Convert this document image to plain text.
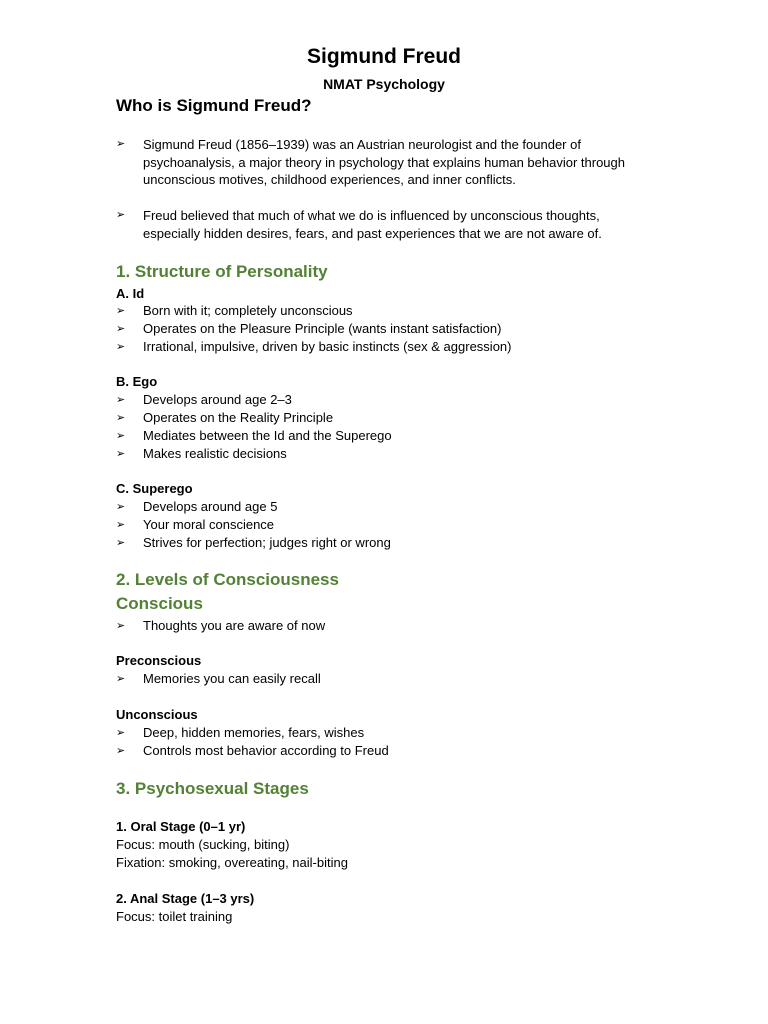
Sigmund Freud
NMAT Psychology
Who is Sigmund Freud?
➢ Sigmund Freud (1856–1939) was an Austrian neurologist and the founder of psychoanalysis, a major theory in psychology that explains human behavior through unconscious motives, childhood experiences, and inner conflicts.
➢ Freud believed that much of what we do is influenced by unconscious thoughts, especially hidden desires, fears, and past experiences that we are not aware of.
1. Structure of Personality
A. Id
➢	Born with it; completely unconscious
➢	Operates on the Pleasure Principle (wants instant satisfaction)
➢	Irrational, impulsive, driven by basic instincts (sex & aggression)
B. Ego
➢	Develops around age 2–3
➢	Operates on the Reality Principle
➢	Mediates between the Id and the Superego
➢	Makes realistic decisions
C. Superego
➢	Develops around age 5
➢	Your moral conscience
➢	Strives for perfection; judges right or wrong
2. Levels of Consciousness
Conscious
➢	Thoughts you are aware of now
Preconscious
➢	Memories you can easily recall
Unconscious
➢	Deep, hidden memories, fears, wishes
➢	Controls most behavior according to Freud
3. Psychosexual Stages
1. Oral Stage (0–1 yr)
Focus: mouth (sucking, biting)
Fixation: smoking, overeating, nail-biting
2. Anal Stage (1–3 yrs)
Focus: toilet training
